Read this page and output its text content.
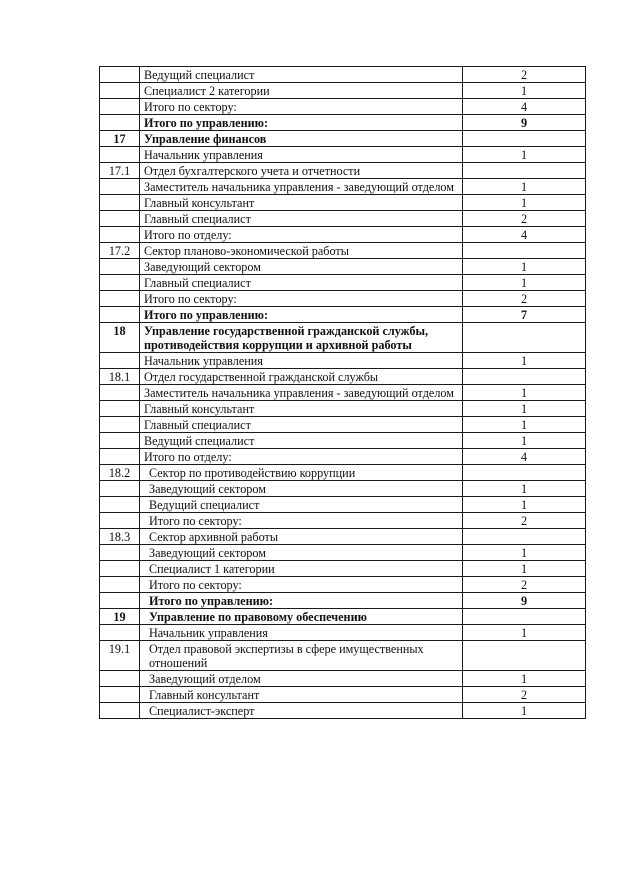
	Ведущий специалист	2
	Специалист 2 категории	1
	Итого по сектору:	4
	Итого по управлению:	9
17	Управление финансов	
	Начальник управления	1
17.1	Отдел бухгалтерского учета и отчетности	
	Заместитель начальника управления - заведующий отделом	1
	Главный консультант	1
	Главный специалист	2
	Итого по отделу:	4
17.2	Сектор планово-экономической работы	
	Заведующий сектором	1
	Главный специалист	1
	Итого по сектору:	2
	Итого по управлению:	7
18	Управление государственной гражданской службы, противодействия коррупции и архивной работы	
	Начальник управления	1
18.1	Отдел государственной гражданской службы	
	Заместитель начальника управления - заведующий отделом	1
	Главный консультант	1
	Главный специалист	1
	Ведущий специалист	1
	Итого по отделу:	4
18.2	Сектор по противодействию коррупции	
	Заведующий сектором	1
	Ведущий специалист	1
	Итого по сектору:	2
18.3	Сектор архивной работы	
	Заведующий сектором	1
	Специалист 1 категории	1
	Итого по сектору:	2
	Итого по управлению:	9
19	Управление по правовому обеспечению	
	Начальник управления	1
19.1	Отдел правовой экспертизы в сфере имущественных отношений	
	Заведующий отделом	1
	Главный консультант	2
	Специалист-эксперт	1
